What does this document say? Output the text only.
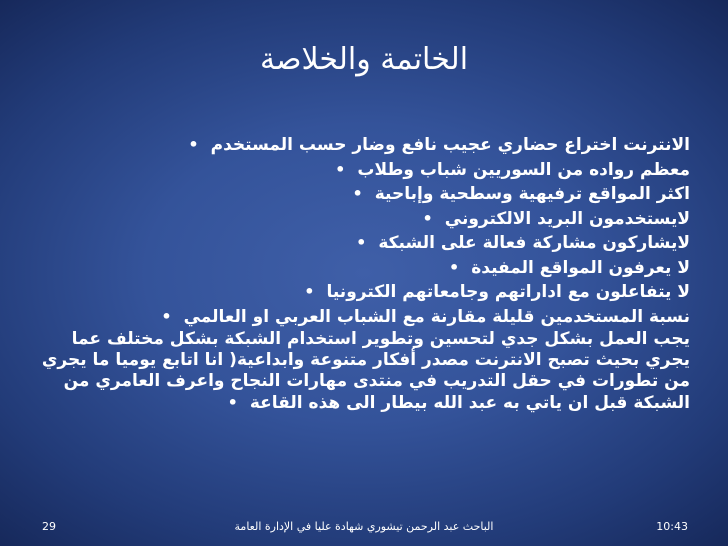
الخاتمة والخلاصة
الانترنت اختراع حضاري عجيب نافع وضار حسب المستخدم•
معظم رواده من السوريين شباب وطلاب•
اكثر المواقع ترفيهية وسطحية وإباحية•
لايستخدمون البريد الالكتروني•
لايشاركون مشاركة فعالة على الشبكة•
لا يعرفون المواقع المفيدة•
لا يتفاعلون مع اداراتهم وجامعاتهم الكترونيا•
نسبة المستخدمين قليلة مقارنة مع الشباب العربي او العالمي•
يجب العمل بشكل جدي لتحسين وتطوير استخدام الشبكة بشكل مختلف عما يجري بحيث تصبح الانترنت مصدر أفكار متنوعة وابداعية( انا اتابع يوميا ما يجري من تطورات في حقل التدريب في منتدى مهارات النجاح واعرف العامري من الشبكة قبل ان ياتي به عبد الله بيطار الى هذه القاعة•
29	الباحث عبد الرحمن تيشوري شهادة عليا في الإدارة العامة	10:43
